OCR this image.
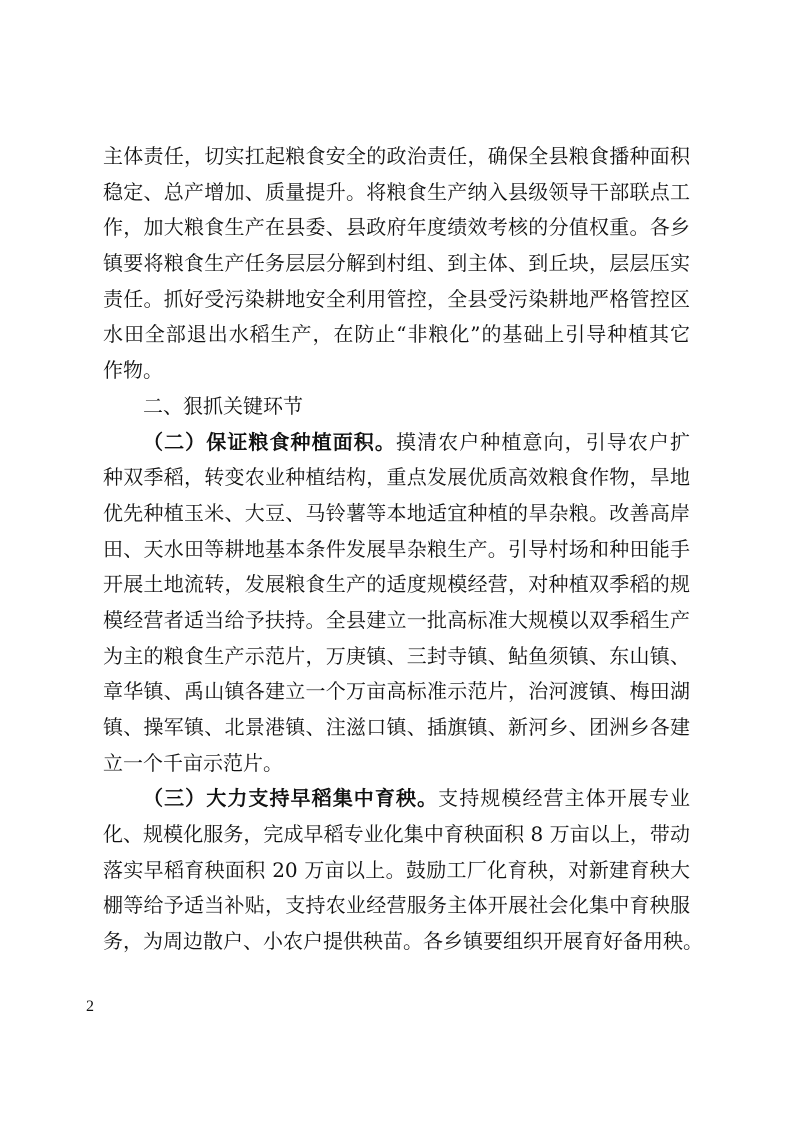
主体责任，切实扛起粮食安全的政治责任，确保全县粮食播种面积
稳定、总产增加、质量提升。将粮食生产纳入县级领导干部联点工
作，加大粮食生产在县委、县政府年度绩效考核的分值权重。各乡
镇要将粮食生产任务层层分解到村组、到主体、到丘块，层层压实
责任。抓好受污染耕地安全利用管控，全县受污染耕地严格管控区
水田全部退出水稻生产，在防止“非粮化”的基础上引导种植其它
作物。
二、狠抓关键环节
（二）保证粮食种植面积。摸清农户种植意向，引导农户扩
种双季稻，转变农业种植结构，重点发展优质高效粮食作物，旱地
优先种植玉米、大豆、马铃薯等本地适宜种植的旱杂粮。改善高岸
田、天水田等耕地基本条件发展旱杂粮生产。引导村场和种田能手
开展土地流转，发展粮食生产的适度规模经营，对种植双季稻的规
模经营者适当给予扶持。全县建立一批高标准大规模以双季稻生产
为主的粮食生产示范片，万庚镇、三封寺镇、鲇鱼须镇、东山镇、
章华镇、禹山镇各建立一个万亩高标准示范片，治河渡镇、梅田湖
镇、操军镇、北景港镇、注滋口镇、插旗镇、新河乡、团洲乡各建
立一个千亩示范片。
（三）大力支持早稻集中育秧。支持规模经营主体开展专业
化、规模化服务，完成早稻专业化集中育秧面积 8 万亩以上，带动
落实早稻育秧面积 20 万亩以上。鼓励工厂化育秧，对新建育秧大
棚等给予适当补贴，支持农业经营服务主体开展社会化集中育秧服
务，为周边散户、小农户提供秧苗。各乡镇要组织开展育好备用秧。
2
